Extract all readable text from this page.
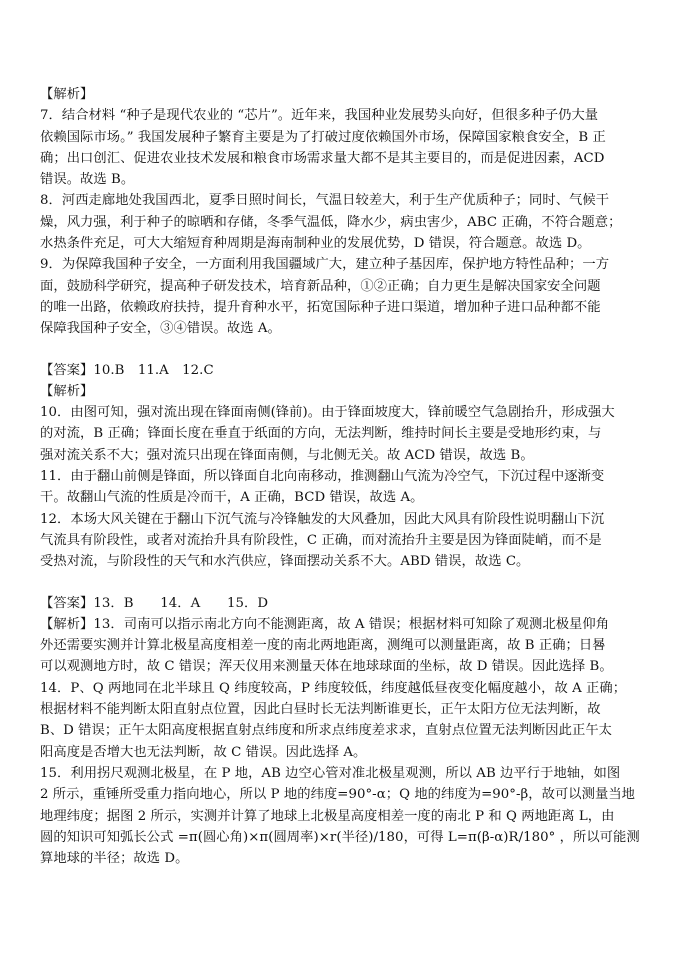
【解析】
7．结合材料 “种子是现代农业的 “芯片”。近年来，我国种业发展势头向好，但很多种子仍大量
依赖国际市场。” 我国发展种子繁育主要是为了打破过度依赖国外市场，保障国家粮食安全，B 正
确；出口创汇、促进农业技术发展和粮食市场需求量大都不是其主要目的，而是促进因素，ACD
错误。故选 B。
8．河西走廊地处我国西北，夏季日照时间长，气温日较差大，利于生产优质种子；同时、气候干
燥，风力强，利于种子的晾晒和存储，冬季气温低，降水少，病虫害少，ABC 正确，不符合题意；
水热条件充足，可大大缩短育种周期是海南制种业的发展优势，D 错误，符合题意。故选 D。
9．为保障我国种子安全，一方面利用我国疆域广大，建立种子基因库，保护地方特性品种；一方
面，鼓励科学研究，提高种子研发技术，培育新品种，①②正确；自力更生是解决国家安全问题
的唯一出路，依赖政府扶持，提升育种水平，拓宽国际种子进口渠道，增加种子进口品种都不能
保障我国种子安全，③④错误。故选 A。
【答案】10.B　11.A　12.C
【解析】
10．由图可知，强对流出现在锋面南侧(锋前)。由于锋面坡度大，锋前暖空气急剧抬升，形成强大
的对流，B 正确；锋面长度在垂直于纸面的方向，无法判断，维持时间长主要是受地形约束，与
强对流关系不大；强对流只出现在锋面南侧，与北侧无关。故 ACD 错误，故选 B。
11．由于翻山前侧是锋面，所以锋面自北向南移动，推测翻山气流为冷空气，下沉过程中逐渐变
干。故翻山气流的性质是冷而干，A 正确，BCD 错误，故选 A。
12．本场大风关键在于翻山下沉气流与冷锋触发的大风叠加，因此大风具有阶段性说明翻山下沉
气流具有阶段性，或者对流抬升具有阶段性，C 正确，而对流抬升主要是因为锋面陡峭，而不是
受热对流，与阶段性的天气和水汽供应，锋面摆动关系不大。ABD 错误，故选 C。
【答案】13．B　　14．A　　15．D
【解析】13．司南可以指示南北方向不能测距离，故 A 错误；根据材料可知除了观测北极星仰角
外还需要实测并计算北极星高度相差一度的南北两地距离，测绳可以测量距离，故 B 正确；日晷
可以观测地方时，故 C 错误；浑天仪用来测量天体在地球球面的坐标，故 D 错误。因此选择 B。
14．P、Q 两地同在北半球且 Q 纬度较高，P 纬度较低，纬度越低昼夜变化幅度越小，故 A 正确；
根据材料不能判断太阳直射点位置，因此白昼时长无法判断谁更长，正午太阳方位无法判断，故
B、D 错误；正午太阳高度根据直射点纬度和所求点纬度差求求，直射点位置无法判断因此正午太
阳高度是否增大也无法判断，故 C 错误。因此选择 A。
15．利用拐尺观测北极星，在 P 地，AB 边空心管对准北极星观测，所以 AB 边平行于地轴，如图
2 所示，重锤所受重力指向地心，所以 P 地的纬度=90°-α；Q 地的纬度为=90°-β，故可以测量当地
地理纬度；据图 2 所示，实测并计算了地球上北极星高度相差一度的南北 P 和 Q 两地距离 L，由
圆的知识可知弧长公式 =π(圆心角)×π(圆周率)×r(半径)/180，可得 L=π(β-α)R/180° ，所以可能测
算地球的半径；故选 D。
